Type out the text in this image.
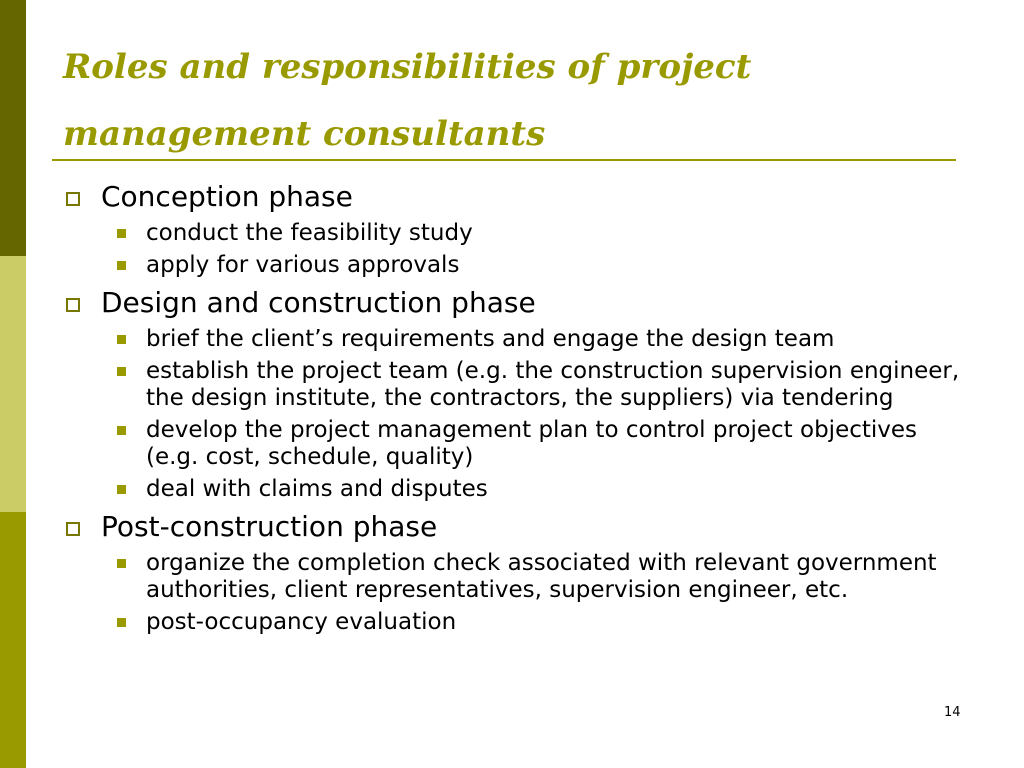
Roles and responsibilities of project
management consultants
Conception phase
conduct the feasibility study
apply for various approvals
Design and construction phase
brief the client’s requirements and engage the design team
establish the project team (e.g. the construction supervision engineer, the design institute, the contractors, the suppliers) via tendering
develop the project management plan to control project objectives (e.g. cost, schedule, quality)
deal with claims and disputes
Post-construction phase
organize the completion check associated with relevant government authorities, client representatives, supervision engineer, etc.
post-occupancy evaluation
14
